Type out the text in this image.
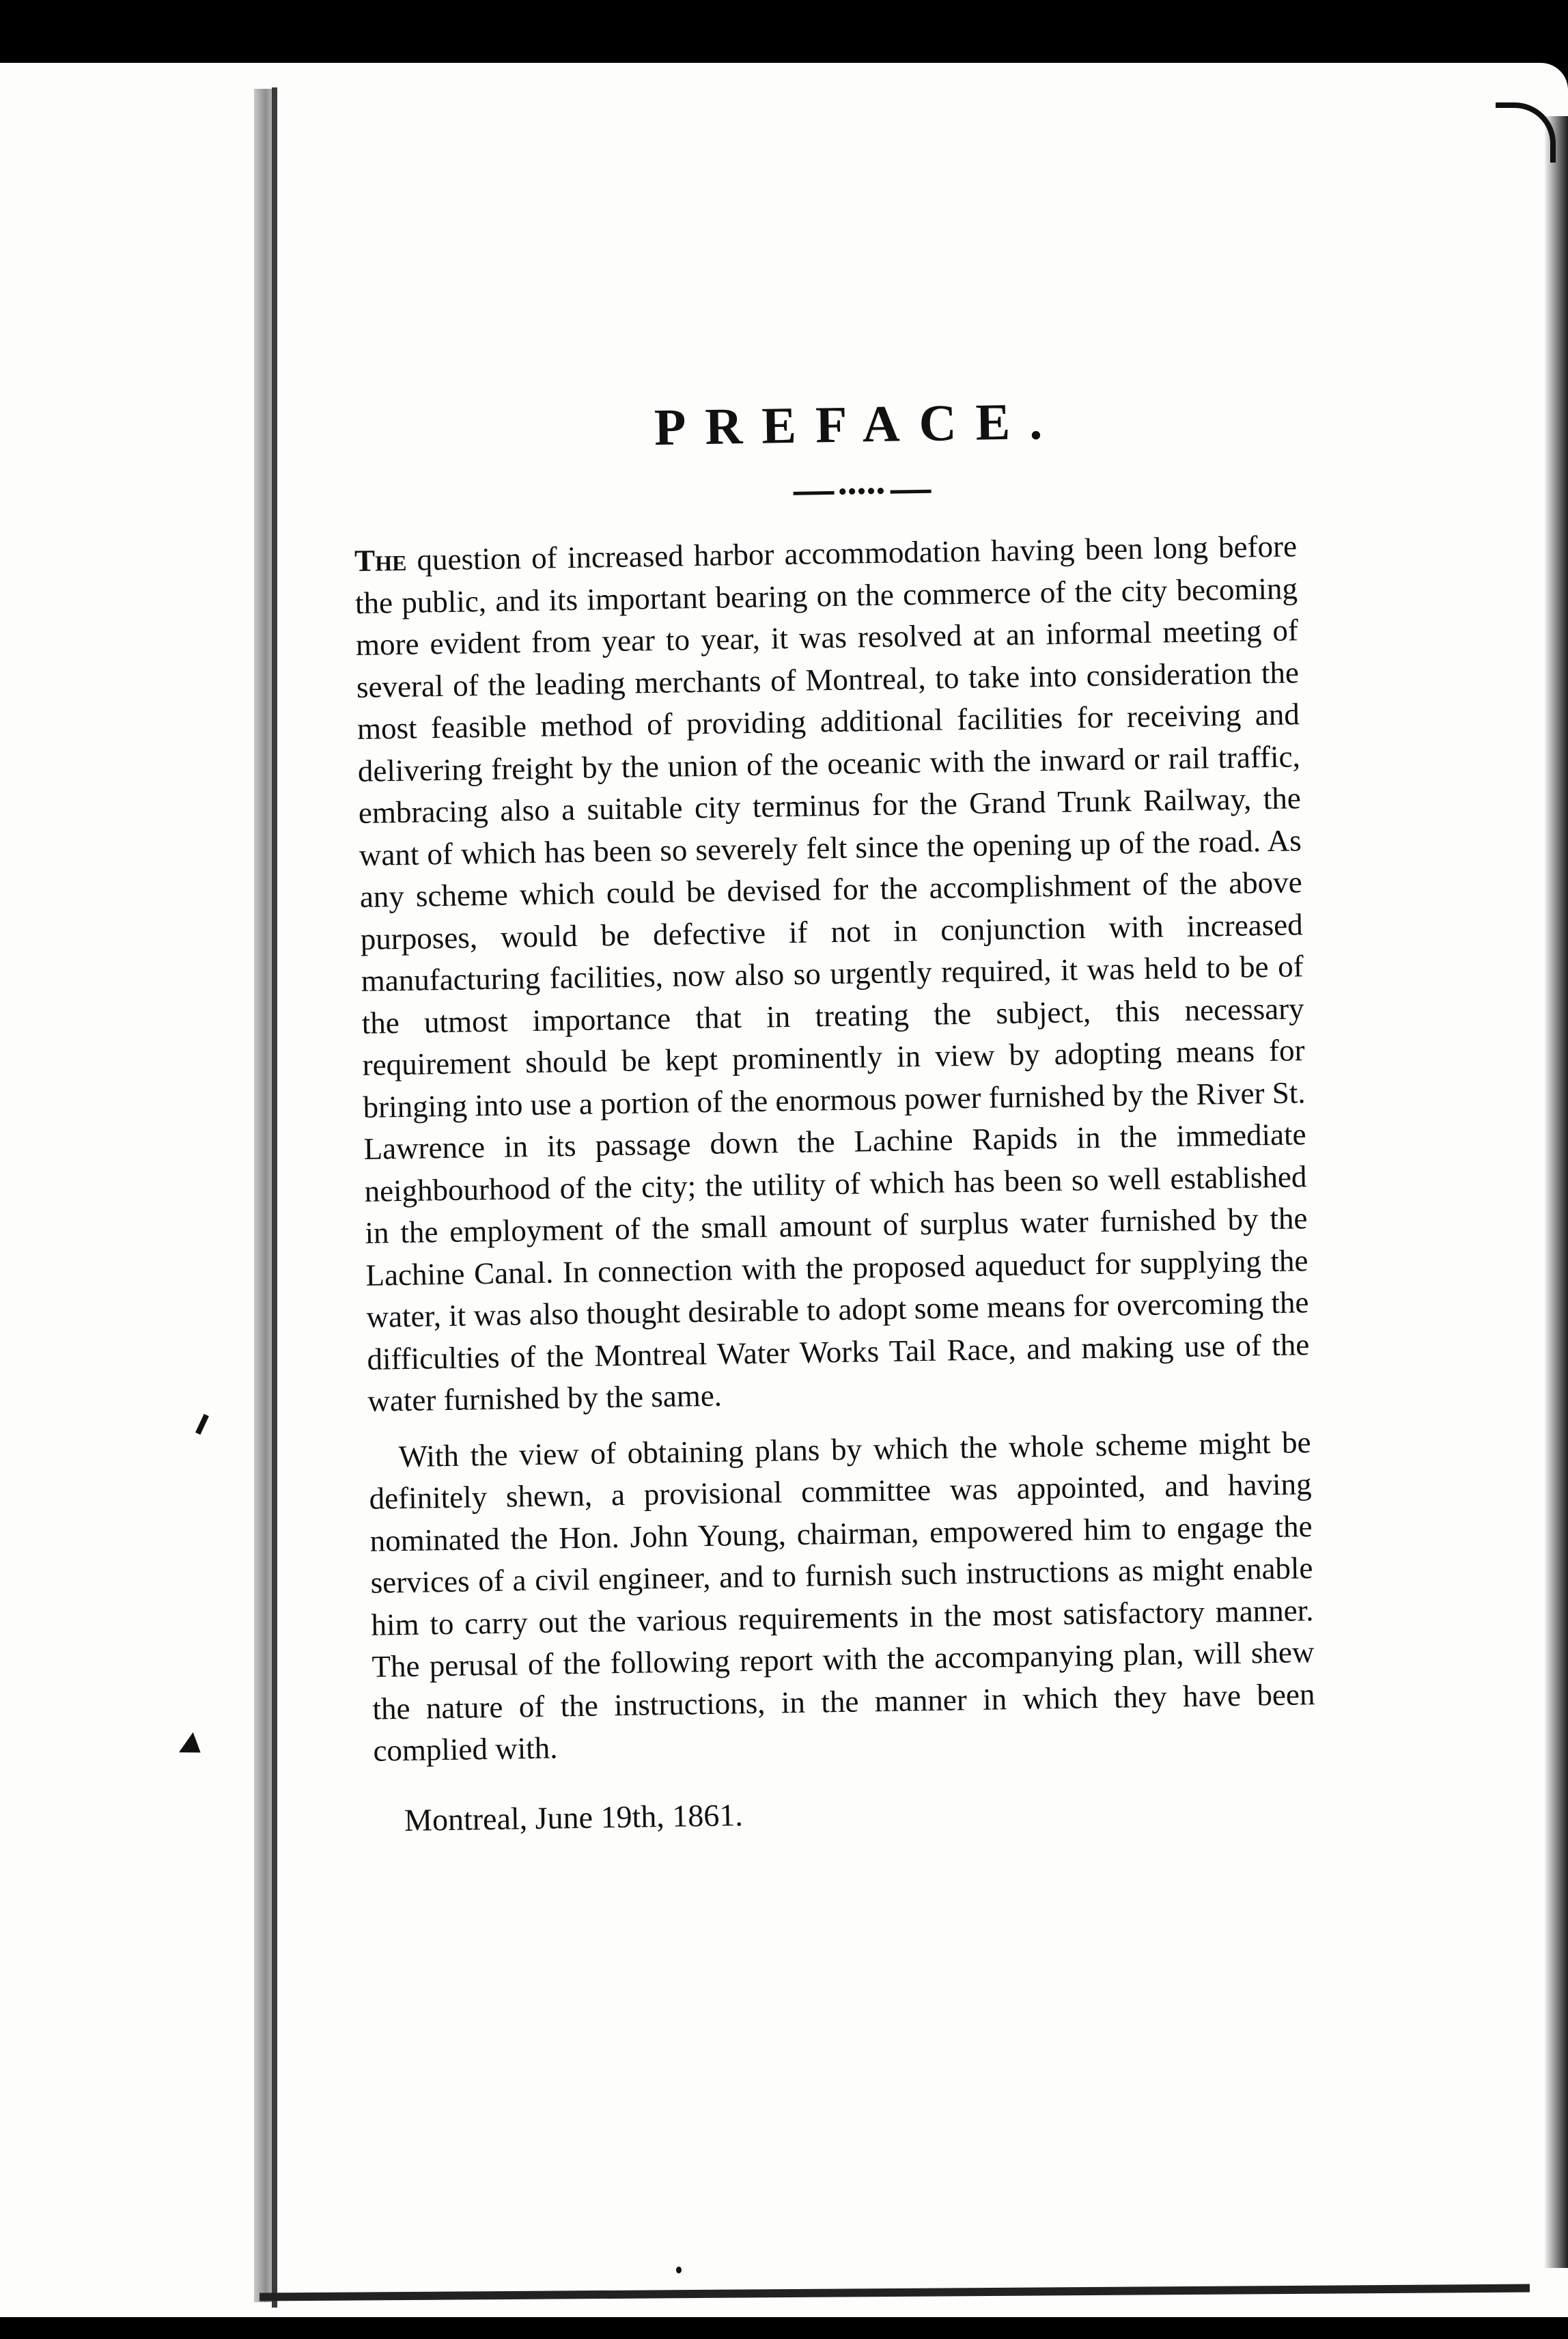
PREFACE.
•••••

The question of increased harbor accommodation having been long before the public, and its important bearing on the commerce of the city becoming more evident from year to year, it was resolved at an informal meeting of several of the leading merchants of Montreal, to take into consideration the most feasible method of providing additional facilities for receiving and delivering freight by the union of the oceanic with the inward or rail traffic, embracing also a suitable city terminus for the Grand Trunk Railway, the want of which has been so severely felt since the opening up of the road. As any scheme which could be devised for the accomplishment of the above purposes, would be defective if not in conjunction with increased manufacturing facilities, now also so urgently required, it was held to be of the utmost importance that in treating the subject, this necessary requirement should be kept prominently in view by adopting means for bringing into use a portion of the enormous power furnished by the River St. Lawrence in its passage down the Lachine Rapids in the immediate neighbourhood of the city; the utility of which has been so well established in the employment of the small amount of surplus water furnished by the Lachine Canal. In connection with the proposed aqueduct for supplying the water, it was also thought desirable to adopt some means for overcoming the difficulties of the Montreal Water Works Tail Race, and making use of the water furnished by the same.

With the view of obtaining plans by which the whole scheme might be definitely shewn, a provisional committee was appointed, and having nominated the Hon. John Young, chairman, empowered him to engage the services of a civil engineer, and to furnish such instructions as might enable him to carry out the various requirements in the most satisfactory manner. The perusal of the following report with the accompanying plan, will shew the nature of the instructions, in the manner in which they have been complied with.

Montreal, June 19th, 1861.
